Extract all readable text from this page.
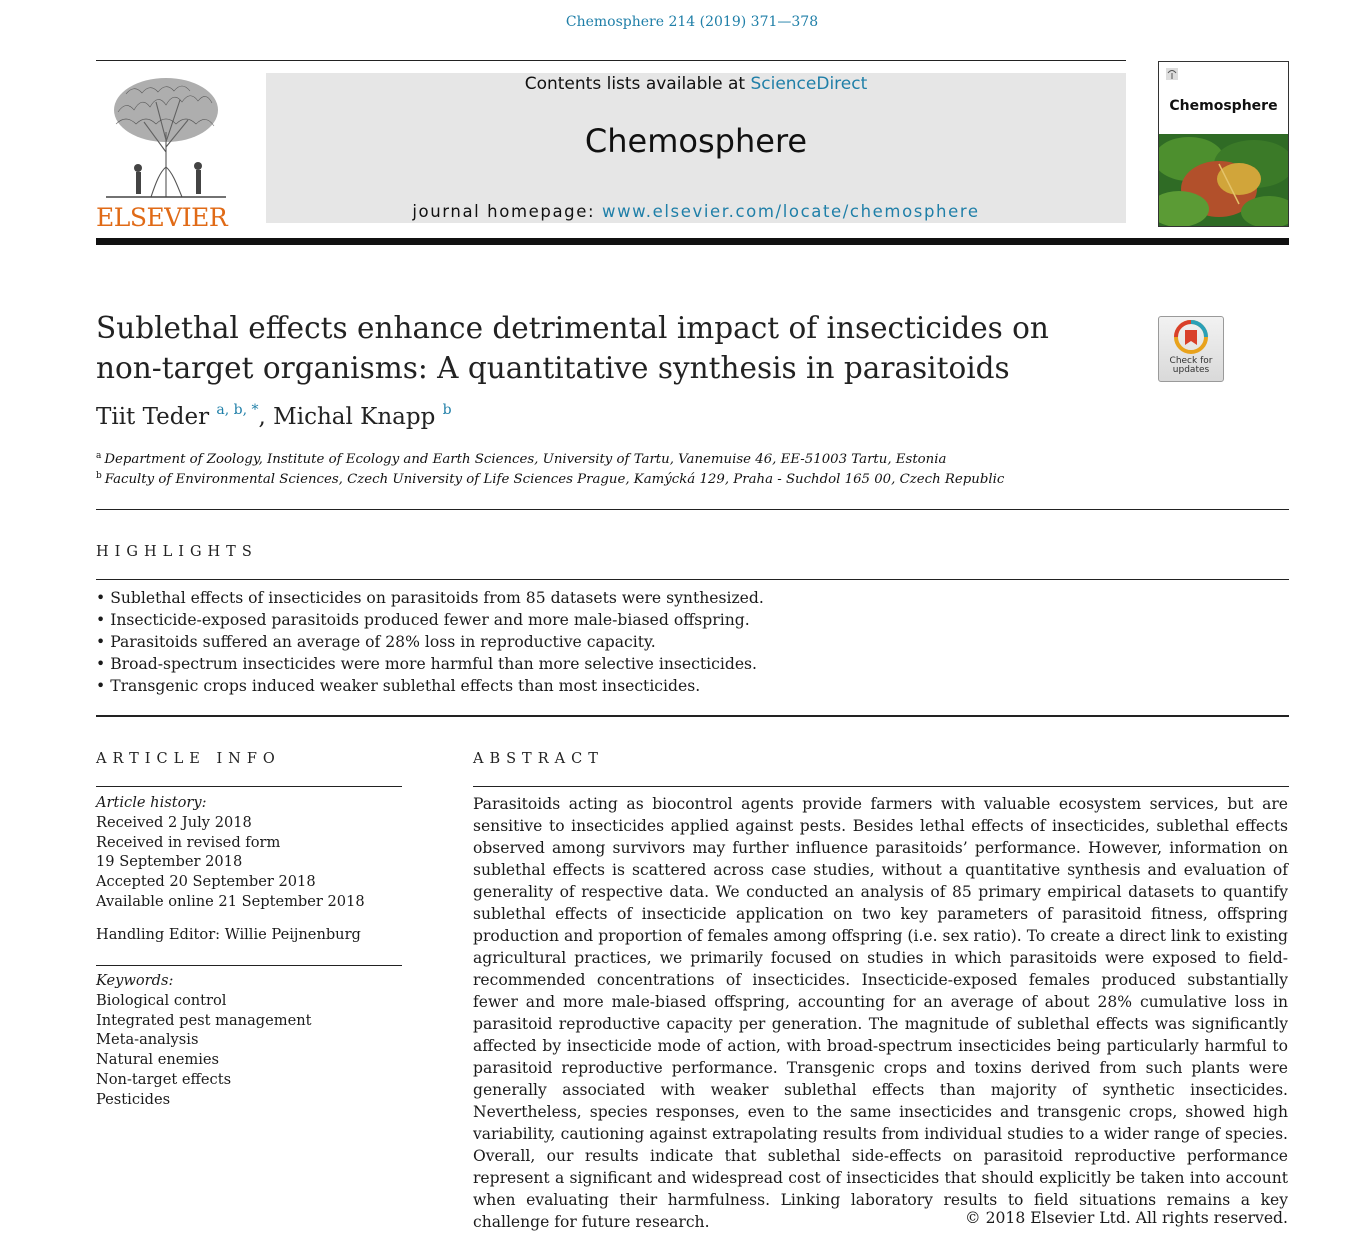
Chemosphere 214 (2019) 371—378
ELSEVIER
Contents lists available at ScienceDirect
Chemosphere
journal homepage: www.elsevier.com/locate/chemosphere
Chemosphere
Sublethal effects enhance detrimental impact of insecticides on
non-target organisms: A quantitative synthesis in parasitoids	Check for
updates
Tiit Teder $^{a, b, *}$, Michal Knapp $^b$
$^a$ Department of Zoology, Institute of Ecology and Earth Sciences, University of Tartu, Vanemuise 46, EE-51003 Tartu, Estonia
$^b$ Faculty of Environmental Sciences, Czech University of Life Sciences Prague, Kamýcká 129, Praha - Suchdol 165 00, Czech Republic
HIGHLIGHTS
• Sublethal effects of insecticides on parasitoids from 85 datasets were synthesized.
• Insecticide-exposed parasitoids produced fewer and more male-biased offspring.
• Parasitoids suffered an average of 28% loss in reproductive capacity.
• Broad-spectrum insecticides were more harmful than more selective insecticides.
• Transgenic crops induced weaker sublethal effects than most insecticides.
ARTICLE INFO
Article history:
Received 2 July 2018
Received in revised form
19 September 2018
Accepted 20 September 2018
Available online 21 September 2018
Handling Editor: Willie Peijnenburg
Keywords:
Biological control
Integrated pest management
Meta-analysis
Natural enemies
Non-target effects
Pesticides
ABSTRACT
Parasitoids acting as biocontrol agents provide farmers with valuable ecosystem services, but are sensitive to insecticides applied against pests. Besides lethal effects of insecticides, sublethal effects observed among survivors may further influence parasitoids’ performance. However, information on sublethal effects is scattered across case studies, without a quantitative synthesis and evaluation of generality of respective data. We conducted an analysis of 85 primary empirical datasets to quantify sublethal effects of insecticide application on two key parameters of parasitoid fitness, offspring production and proportion of females among offspring (i.e. sex ratio). To create a direct link to existing agricultural practices, we primarily focused on studies in which parasitoids were exposed to field-recommended concentrations of insecticides. Insecticide-exposed females produced substantially fewer and more male-biased offspring, accounting for an average of about 28% cumulative loss in parasitoid reproductive capacity per generation. The magnitude of sublethal effects was significantly affected by insecticide mode of action, with broad-spectrum insecticides being particularly harmful to parasitoid reproductive performance. Transgenic crops and toxins derived from such plants were generally associated with weaker sublethal effects than majority of synthetic insecticides. Nevertheless, species responses, even to the same insecticides and transgenic crops, showed high variability, cautioning against extrapolating results from individual studies to a wider range of species. Overall, our results indicate that sublethal side-effects on parasitoid reproductive performance represent a significant and widespread cost of insecticides that should explicitly be taken into account when evaluating their harmfulness. Linking laboratory results to field situations remains a key challenge for future research.	© 2018 Elsevier Ltd. All rights reserved.
